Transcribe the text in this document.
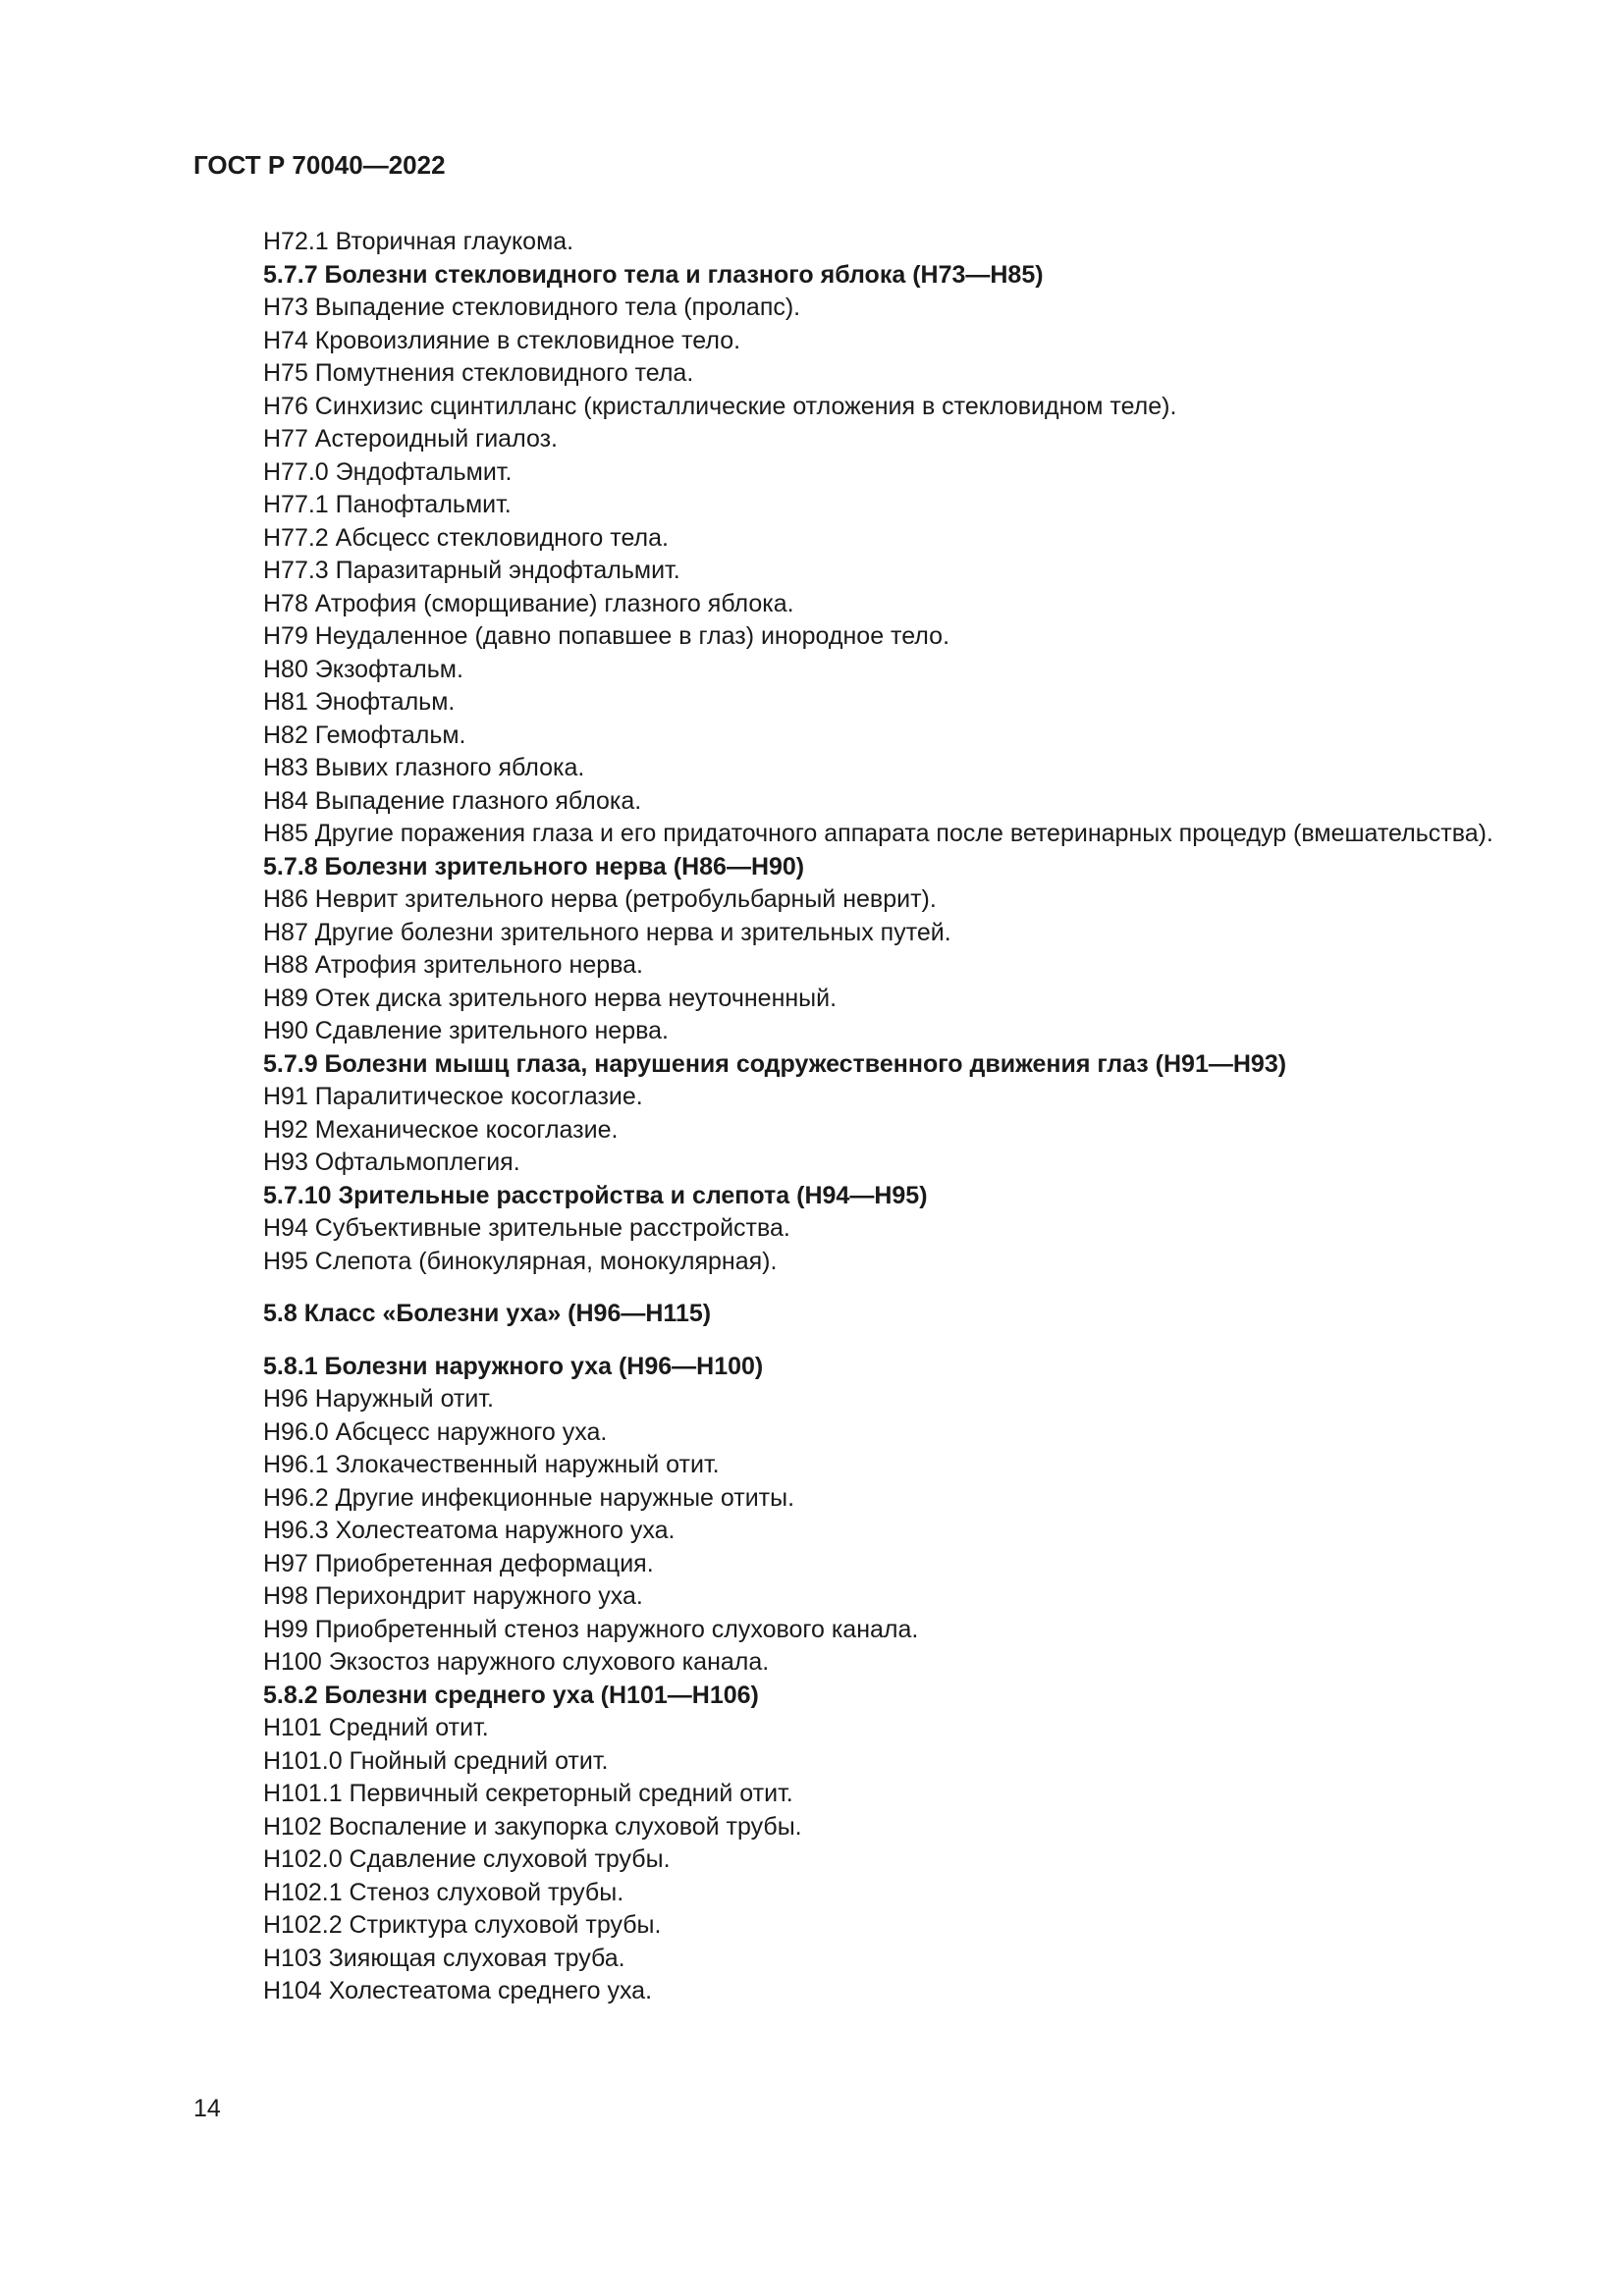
ГОСТ Р 70040—2022
H72.1 Вторичная глаукома.
5.7.7 Болезни стекловидного тела и глазного яблока (H73—H85)
H73 Выпадение стекловидного тела (пролапс).
H74 Кровоизлияние в стекловидное тело.
H75 Помутнения стекловидного тела.
H76 Синхизис сцинтилланс (кристаллические отложения в стекловидном теле).
H77 Астероидный гиалоз.
H77.0 Эндофтальмит.
H77.1 Панофтальмит.
H77.2 Абсцесс стекловидного тела.
H77.3 Паразитарный эндофтальмит.
H78 Атрофия (сморщивание) глазного яблока.
H79 Неудаленное (давно попавшее в глаз) инородное тело.
H80 Экзофтальм.
H81 Энофтальм.
H82 Гемофтальм.
H83 Вывих глазного яблока.
H84 Выпадение глазного яблока.
H85 Другие поражения глаза и его придаточного аппарата после ветеринарных процедур (вмешательства).
5.7.8 Болезни зрительного нерва (H86—H90)
H86 Неврит зрительного нерва (ретробульбарный неврит).
H87 Другие болезни зрительного нерва и зрительных путей.
H88 Атрофия зрительного нерва.
H89 Отек диска зрительного нерва неуточненный.
H90 Сдавление зрительного нерва.
5.7.9 Болезни мышц глаза, нарушения содружественного движения глаз (H91—H93)
H91 Паралитическое косоглазие.
H92 Механическое косоглазие.
H93 Офтальмоплегия.
5.7.10 Зрительные расстройства и слепота (H94—H95)
H94 Субъективные зрительные расстройства.
H95 Слепота (бинокулярная, монокулярная).
5.8 Класс «Болезни уха» (H96—H115)
5.8.1 Болезни наружного уха (H96—H100)
H96 Наружный отит.
H96.0 Абсцесс наружного уха.
H96.1 Злокачественный наружный отит.
H96.2 Другие инфекционные наружные отиты.
H96.3 Холестеатома наружного уха.
H97 Приобретенная деформация.
H98 Перихондрит наружного уха.
H99 Приобретенный стеноз наружного слухового канала.
H100 Экзостоз наружного слухового канала.
5.8.2 Болезни среднего уха (H101—H106)
H101 Средний отит.
H101.0 Гнойный средний отит.
H101.1 Первичный секреторный средний отит.
H102 Воспаление и закупорка слуховой трубы.
H102.0 Сдавление слуховой трубы.
H102.1 Стеноз слуховой трубы.
H102.2 Стриктура слуховой трубы.
H103 Зияющая слуховая труба.
H104 Холестеатома среднего уха.
14
